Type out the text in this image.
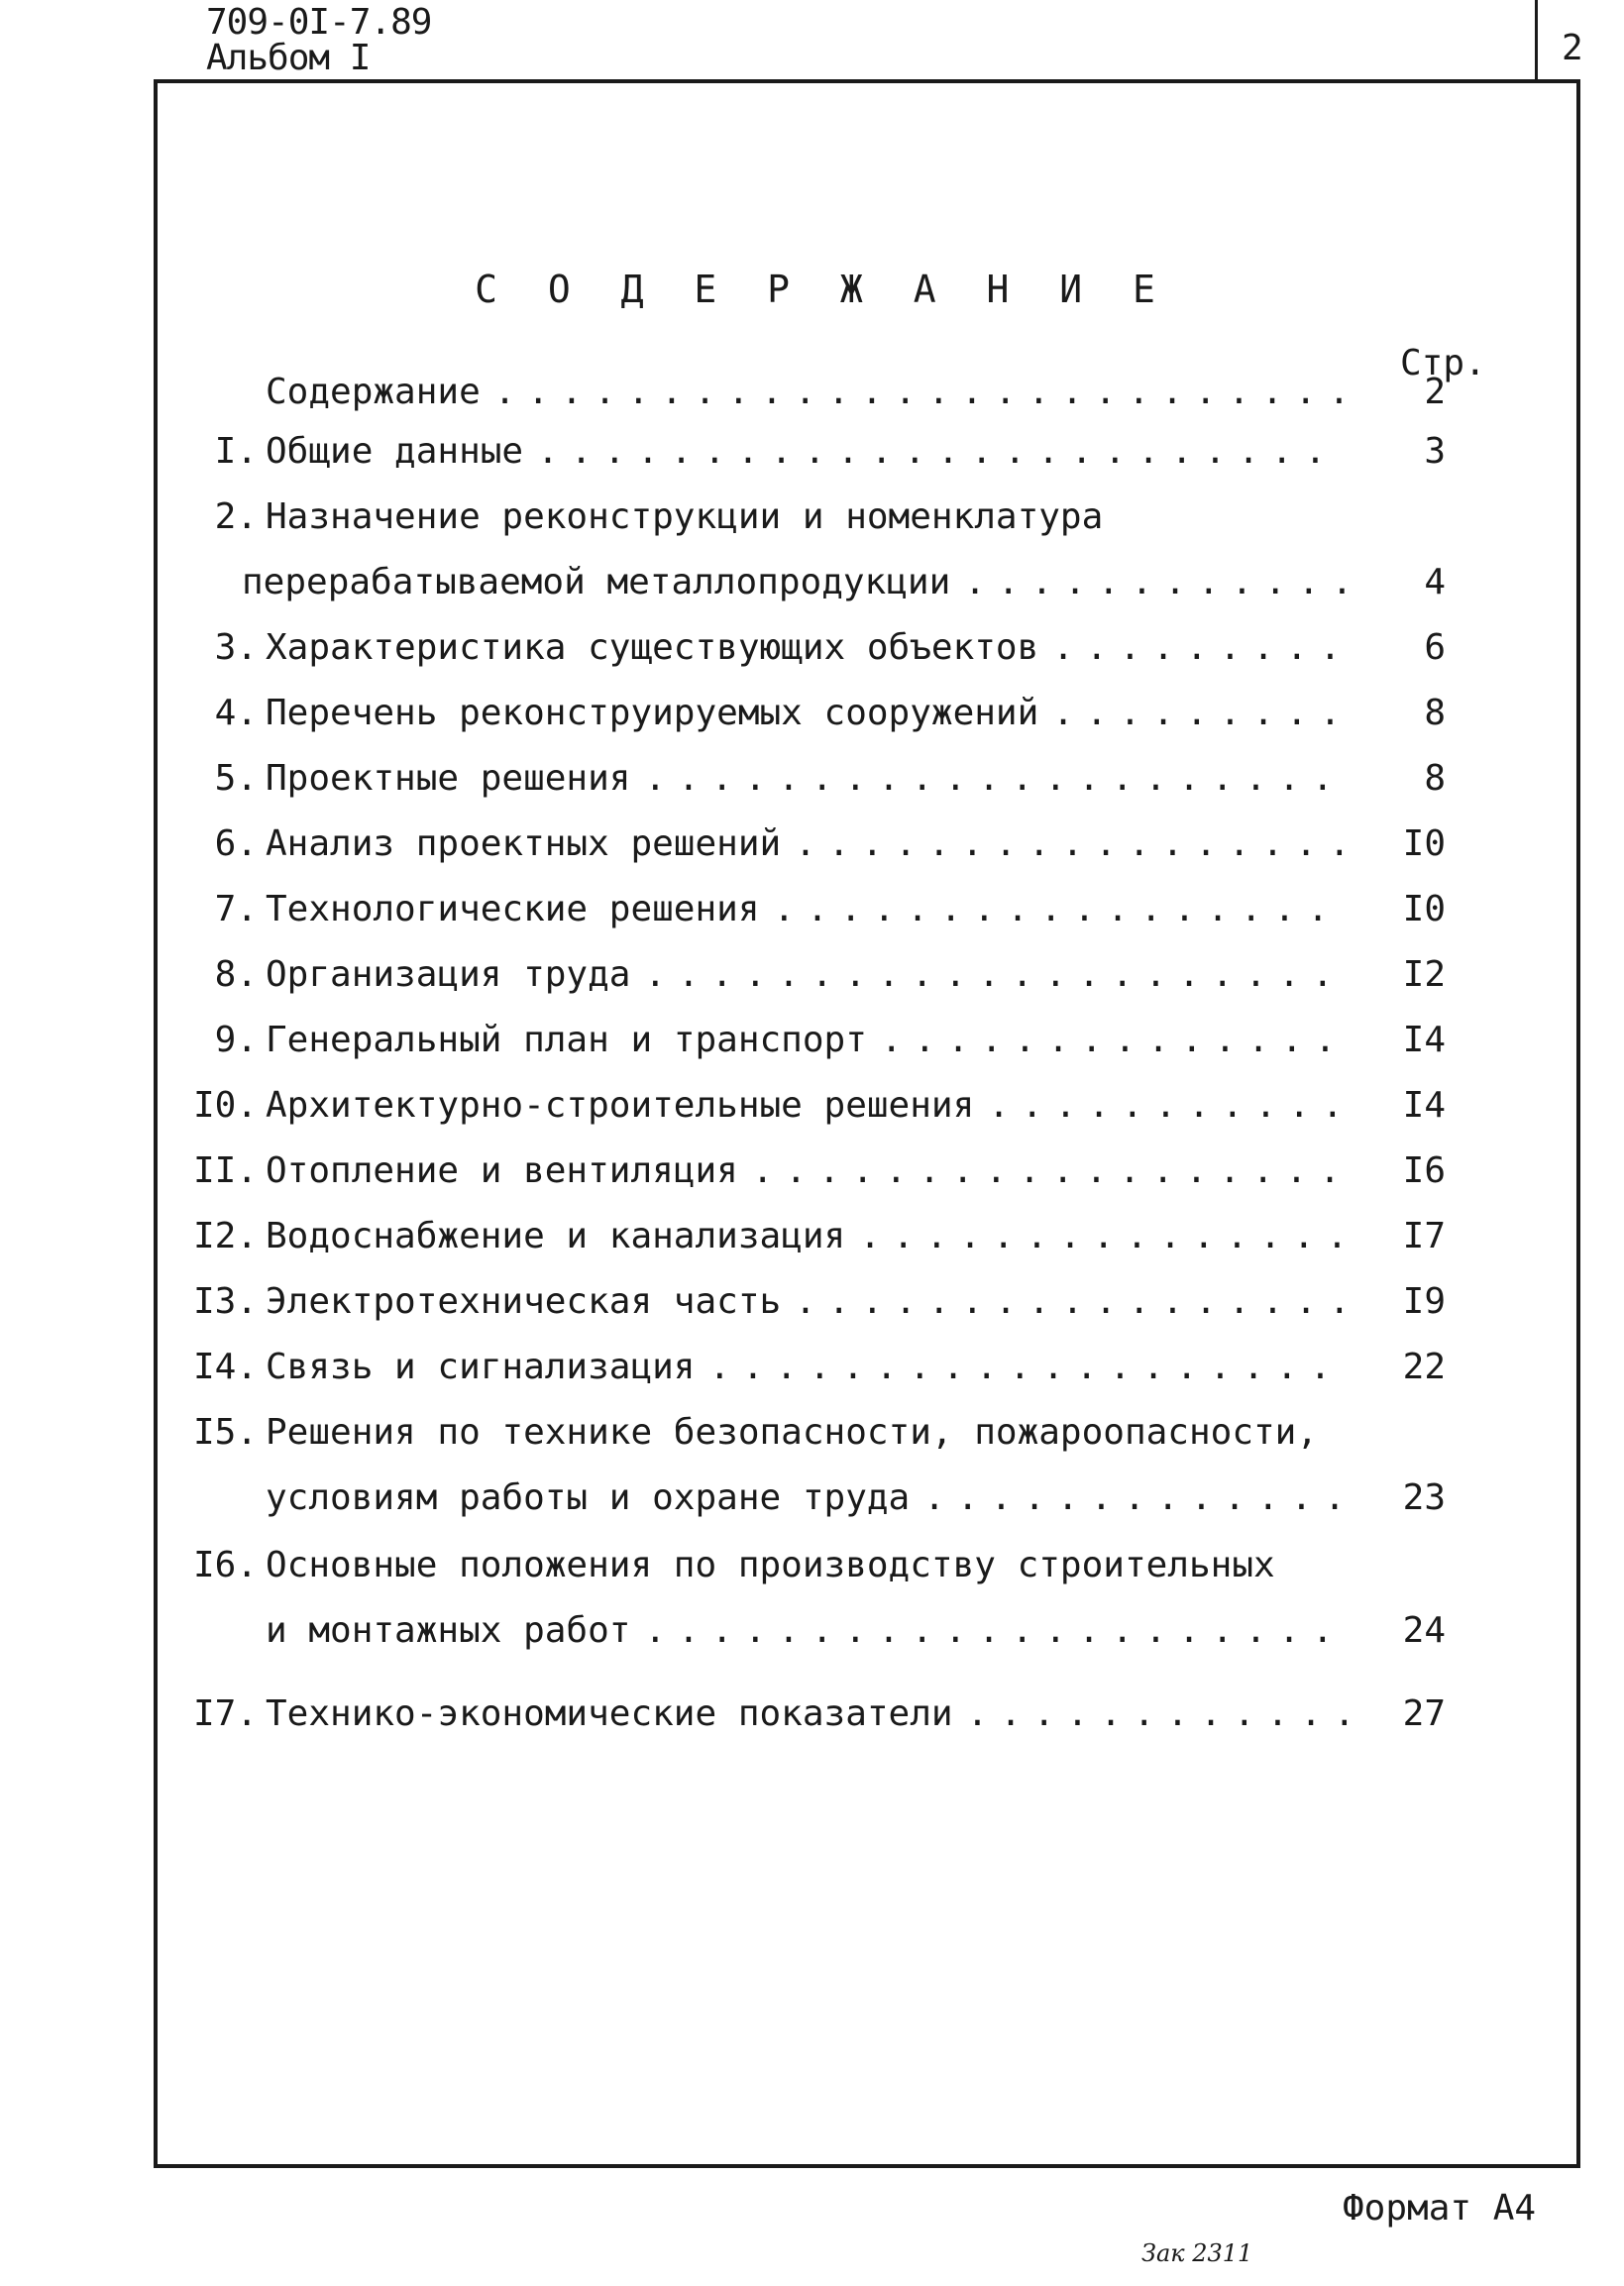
709-0I-7.89
Альбом I	2
С О Д Е Р Ж А Н И Е
Стр.
Содержание .......................... 2
I. Общие данные ........................ 3
2. Назначение реконструкции и номенклатура
перерабатываемой металлопродукции ............ 4
3. Характеристика существующих объектов ......... 6
4. Перечень реконструируемых сооружений ......... 8
5. Проектные решения ..................... 8
6. Анализ проектных решений ................. I0
7. Технологические решения ................. I0
8. Организация труда ..................... I2
9. Генеральный план и транспорт .............. I4
I0. Архитектурно-строительные решения ........... I4
II. Отопление и вентиляция .................. I6
I2. Водоснабжение и канализация ............... I7
I3. Электротехническая часть ................. I9
I4. Связь и сигнализация ................... 22
I5. Решения по технике безопасности, пожароопасности,
условиям работы и охране труда ............. 23
I6. Основные положения по производству строительных
и монтажных работ ..................... 24
I7. Технико-экономические показатели ............ 27
Формат А4
Зак 2311
